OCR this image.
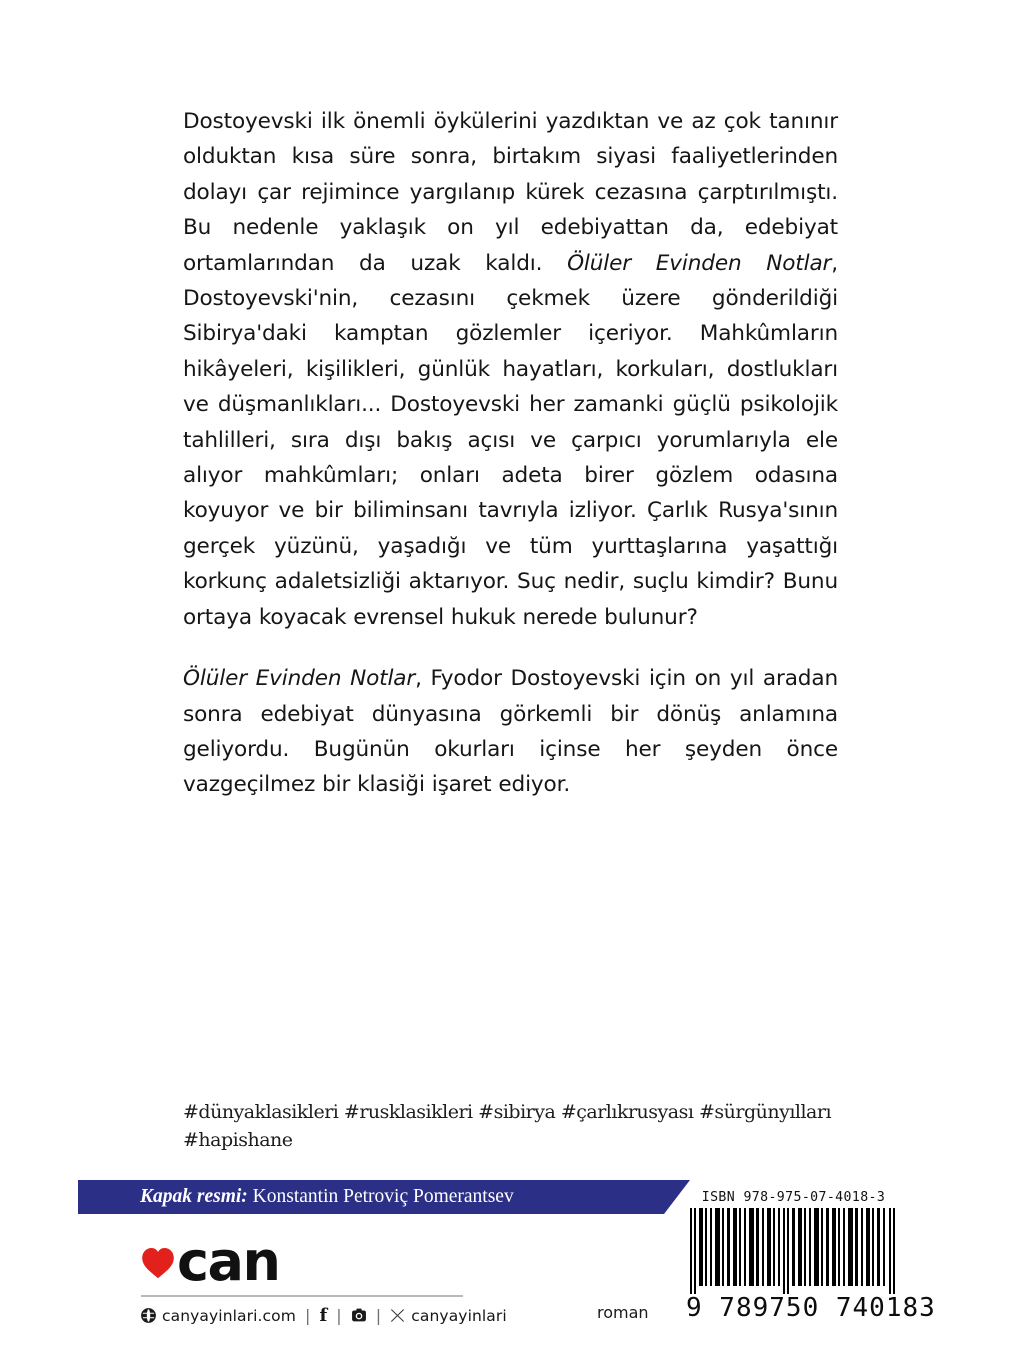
Dostoyevski ilk önemli öykülerini yazdıktan ve az çok tanınır olduktan kısa süre sonra, birtakım siyasi faaliyetlerinden dolayı çar rejimince yargılanıp kürek cezasına çarptırılmıştı. Bu nedenle yaklaşık on yıl edebiyattan da, edebiyat ortamlarından da uzak kaldı. Ölüler Evinden Notlar, Dostoyevski'nin, cezasını çekmek üzere gönderildiği Sibirya'daki kamptan gözlemler içeriyor. Mahkûmların hikâyeleri, kişilikleri, günlük hayatları, korkuları, dostlukları ve düşmanlıkları... Dostoyevski her zamanki güçlü psikolojik tahlilleri, sıra dışı bakış açısı ve çarpıcı yorumlarıyla ele alıyor mahkûmları; onları adeta birer gözlem odasına koyuyor ve bir biliminsanı tavrıyla izliyor. Çarlık Rusya'sının gerçek yüzünü, yaşadığı ve tüm yurttaşlarına yaşattığı korkunç adaletsizliği aktarıyor. Suç nedir, suçlu kimdir? Bunu ortaya koyacak evrensel hukuk nerede bulunur?

Ölüler Evinden Notlar, Fyodor Dostoyevski için on yıl aradan sonra edebiyat dünyasına görkemli bir dönüş anlamına geliyordu. Bugünün okurları içinse her şeyden önce vazgeçilmez bir klasiği işaret ediyor.

#dünyaklasikleri #rusklasikleri #sibirya #çarlıkrusyası #sürgünyılları
#hapishane
Kapak resmi: Konstantin Petroviç Pomerantsev
can
canyayinlari.com | f | | canyayinlari
ISBN 978-975-07-4018-3
9 789750 740183
roman
